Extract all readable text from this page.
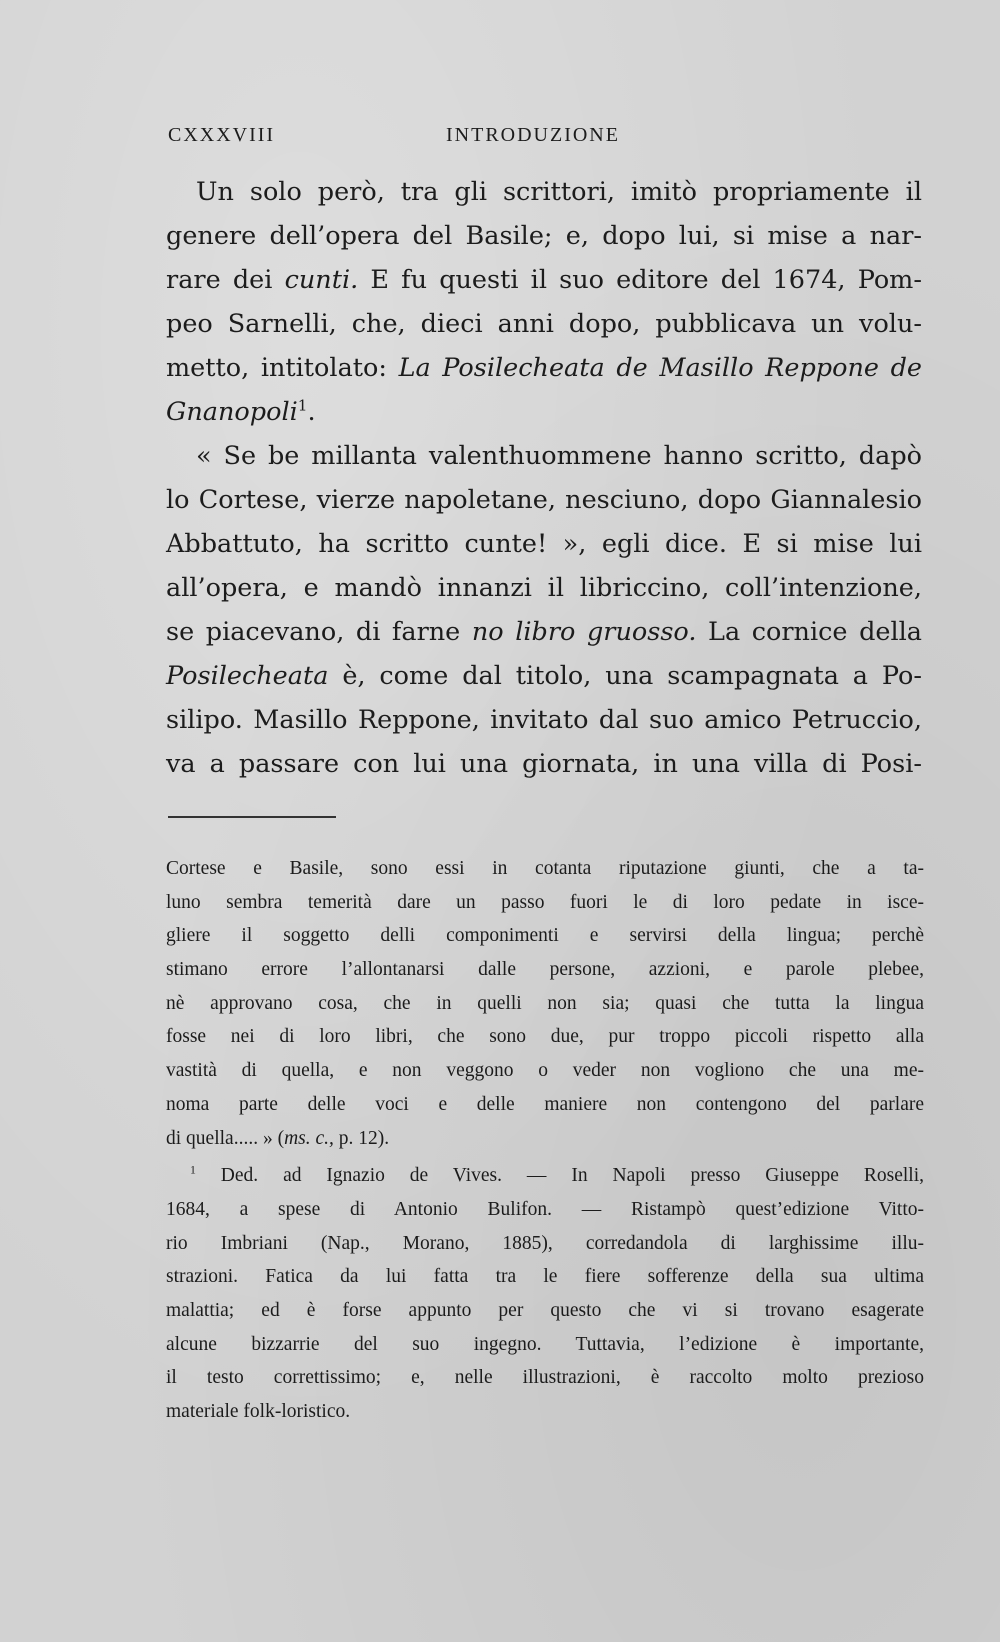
CXXXVIII	INTRODUZIONE
Un solo però, tra gli scrittori, imitò propriamente il
genere dell’opera del Basile; e, dopo lui, si mise a nar-
rare dei cunti. E fu questi il suo editore del 1674, Pom-
peo Sarnelli, che, dieci anni dopo, pubblicava un volu-
metto, intitolato: La Posilecheata de Masillo Reppone de
Gnanopoli$^1$.
« Se be millanta valenthuommene hanno scritto, dapò
lo Cortese, vierze napoletane, nesciuno, dopo Giannalesio
Abbattuto, ha scritto cunte! », egli dice. E si mise lui
all’opera, e mandò innanzi il libriccino, coll’intenzione,
se piacevano, di farne no libro gruosso. La cornice della
Posilecheata è, come dal titolo, una scampagnata a Po-
silipo. Masillo Reppone, invitato dal suo amico Petruccio,
va a passare con lui una giornata, in una villa di Posi-
Cortese e Basile, sono essi in cotanta riputazione giunti, che a ta-
luno sembra temerità dare un passo fuori le di loro pedate in isce-
gliere il soggetto delli componimenti e servirsi della lingua; perchè
stimano errore l’allontanarsi dalle persone, azzioni, e parole plebee,
nè approvano cosa, che in quelli non sia; quasi che tutta la lingua
fosse nei di loro libri, che sono due, pur troppo piccoli rispetto alla
vastità di quella, e non veggono o veder non vogliono che una me-
noma parte delle voci e delle maniere non contengono del parlare
di quella..... » (ms. c., p. 12).
$^1$ Ded. ad Ignazio de Vives. — In Napoli presso Giuseppe Roselli,
1684, a spese di Antonio Bulifon. — Ristampò quest’edizione Vitto-
rio Imbriani (Nap., Morano, 1885), corredandola di larghissime illu-
strazioni. Fatica da lui fatta tra le fiere sofferenze della sua ultima
malattia; ed è forse appunto per questo che vi si trovano esagerate
alcune bizzarrie del suo ingegno. Tuttavia, l’edizione è importante,
il testo correttissimo; e, nelle illustrazioni, è raccolto molto prezioso
materiale folk-loristico.
